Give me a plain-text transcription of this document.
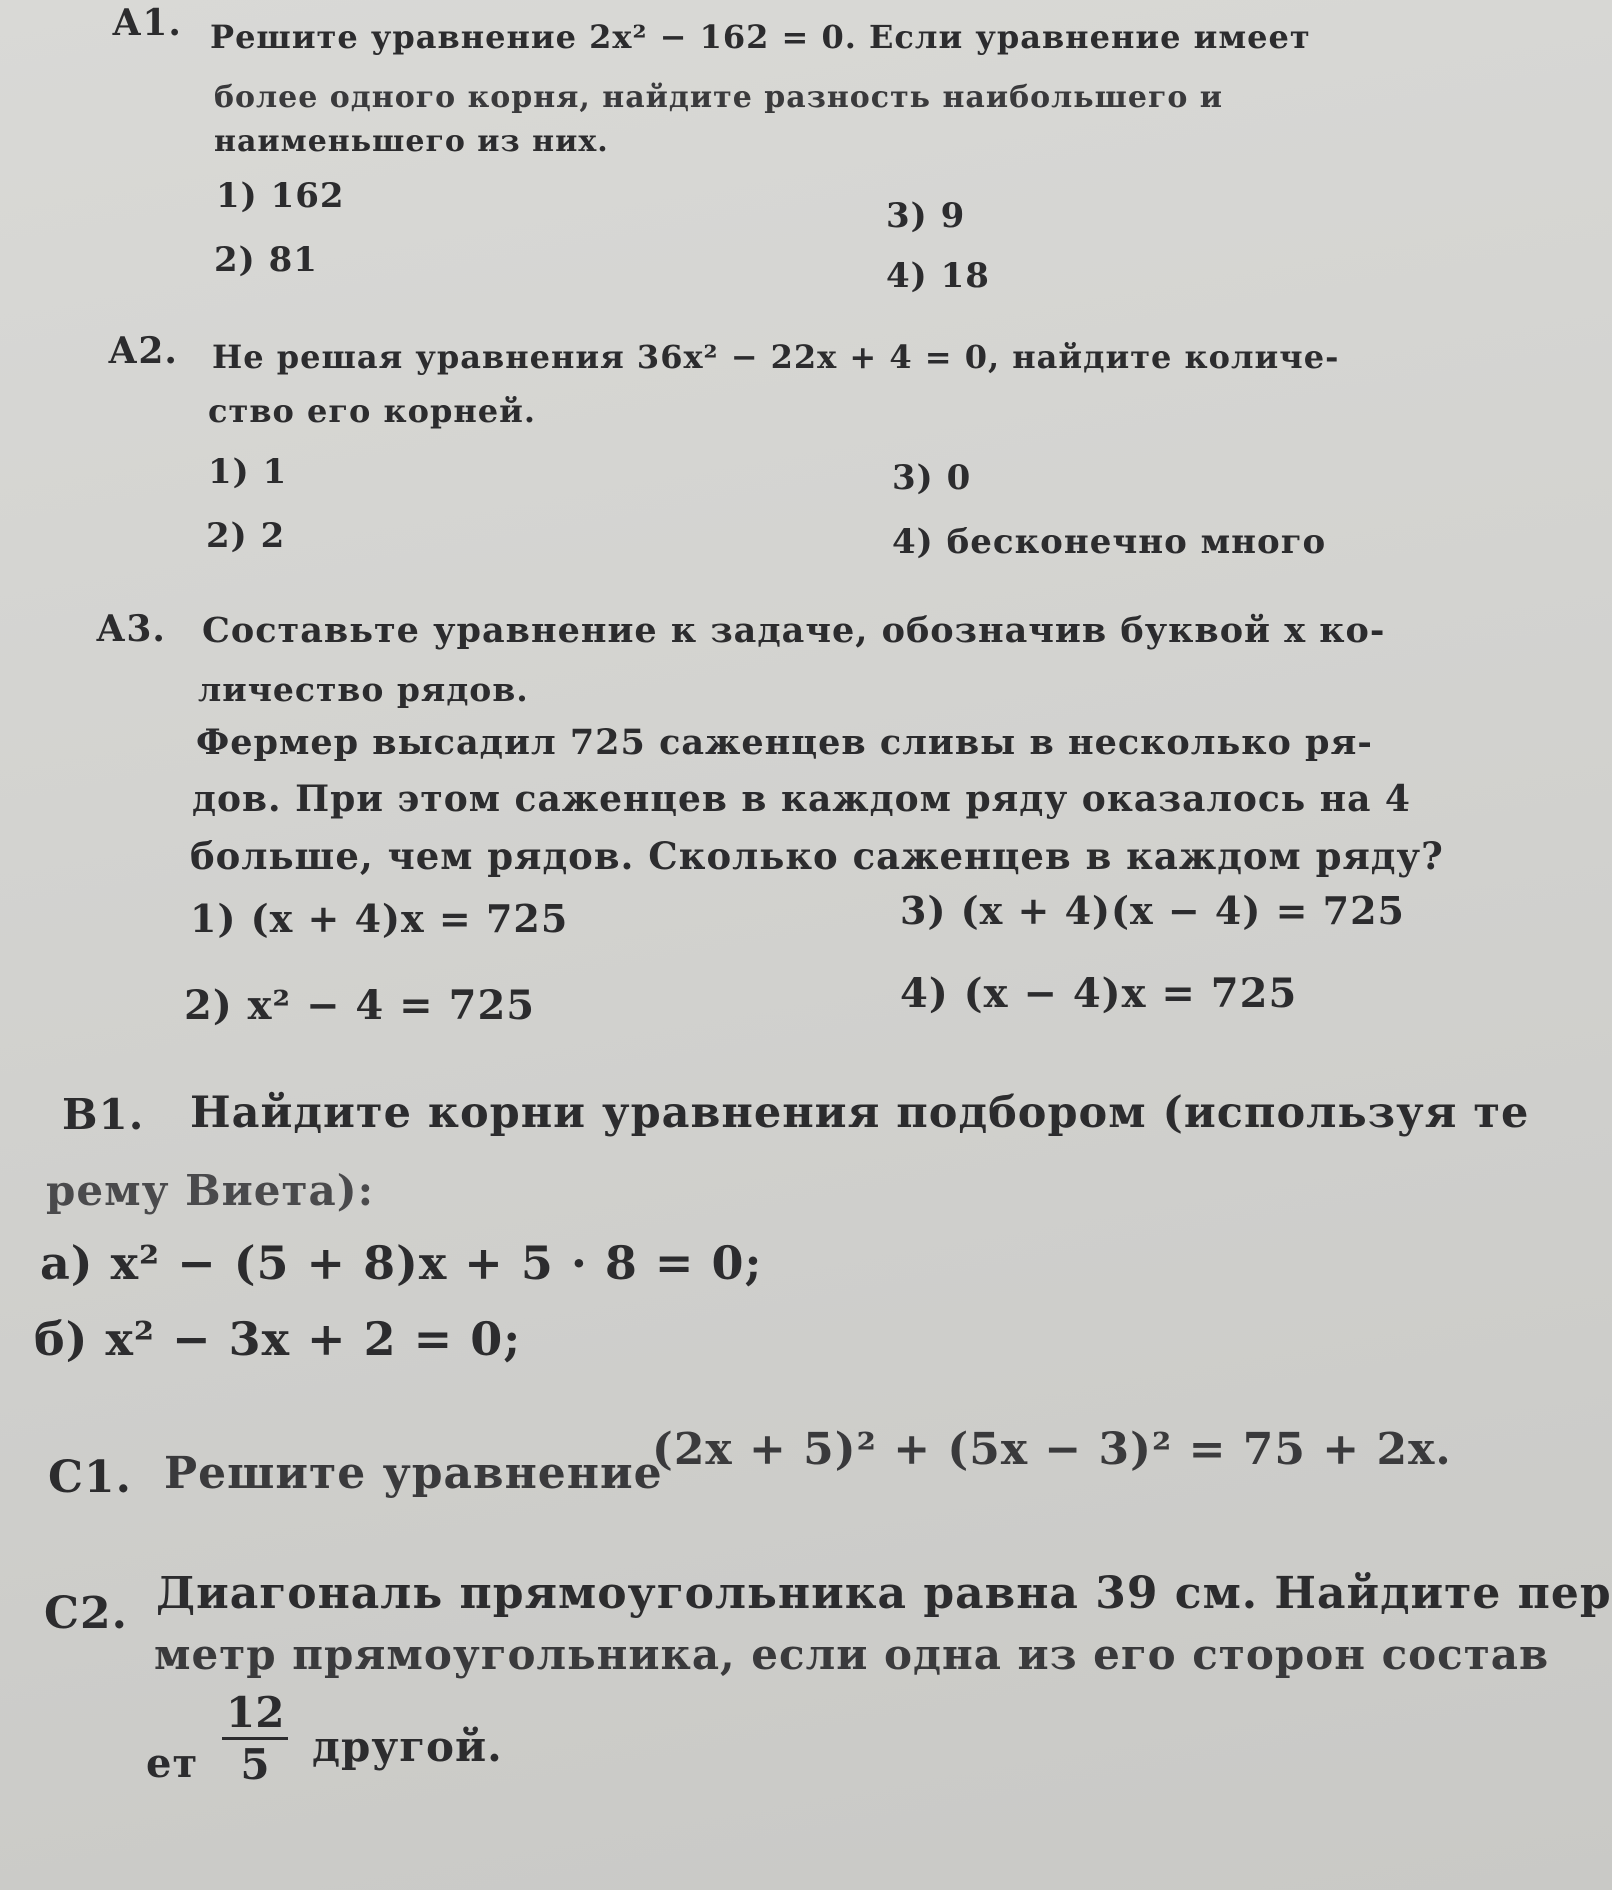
А1. Решите уравнение 2x² − 162 = 0. Если уравнение имеет
более одного корня, найдите разность наибольшего и
наименьшего из них.
1) 162
2) 81
3) 9
4) 18
А2. Не решая уравнения 36x² − 22x + 4 = 0, найдите количе-
ство его корней.
1) 1
2) 2
3) 0
4) бесконечно много
А3. Составьте уравнение к задаче, обозначив буквой x ко-
личество рядов.
Фермер высадил 725 саженцев сливы в несколько ря-
дов. При этом саженцев в каждом ряду оказалось на 4
больше, чем рядов. Сколько саженцев в каждом ряду?
1) (x + 4)x = 725
2) x² − 4 = 725
3) (x + 4)(x − 4) = 725
4) (x − 4)x = 725
В1. Найдите корни уравнения подбором (используя те
рему Виета):
а) x² − (5 + 8)x + 5 · 8 = 0;
б) x² − 3x + 2 = 0;
С1. Решите уравнение
(2x + 5)² + (5x − 3)² = 75 + 2x.
С2. Диагональ прямоугольника равна 39 см. Найдите пер
метр прямоугольника, если одна из его сторон состав
ет $\frac{12}{5}$ другой.
